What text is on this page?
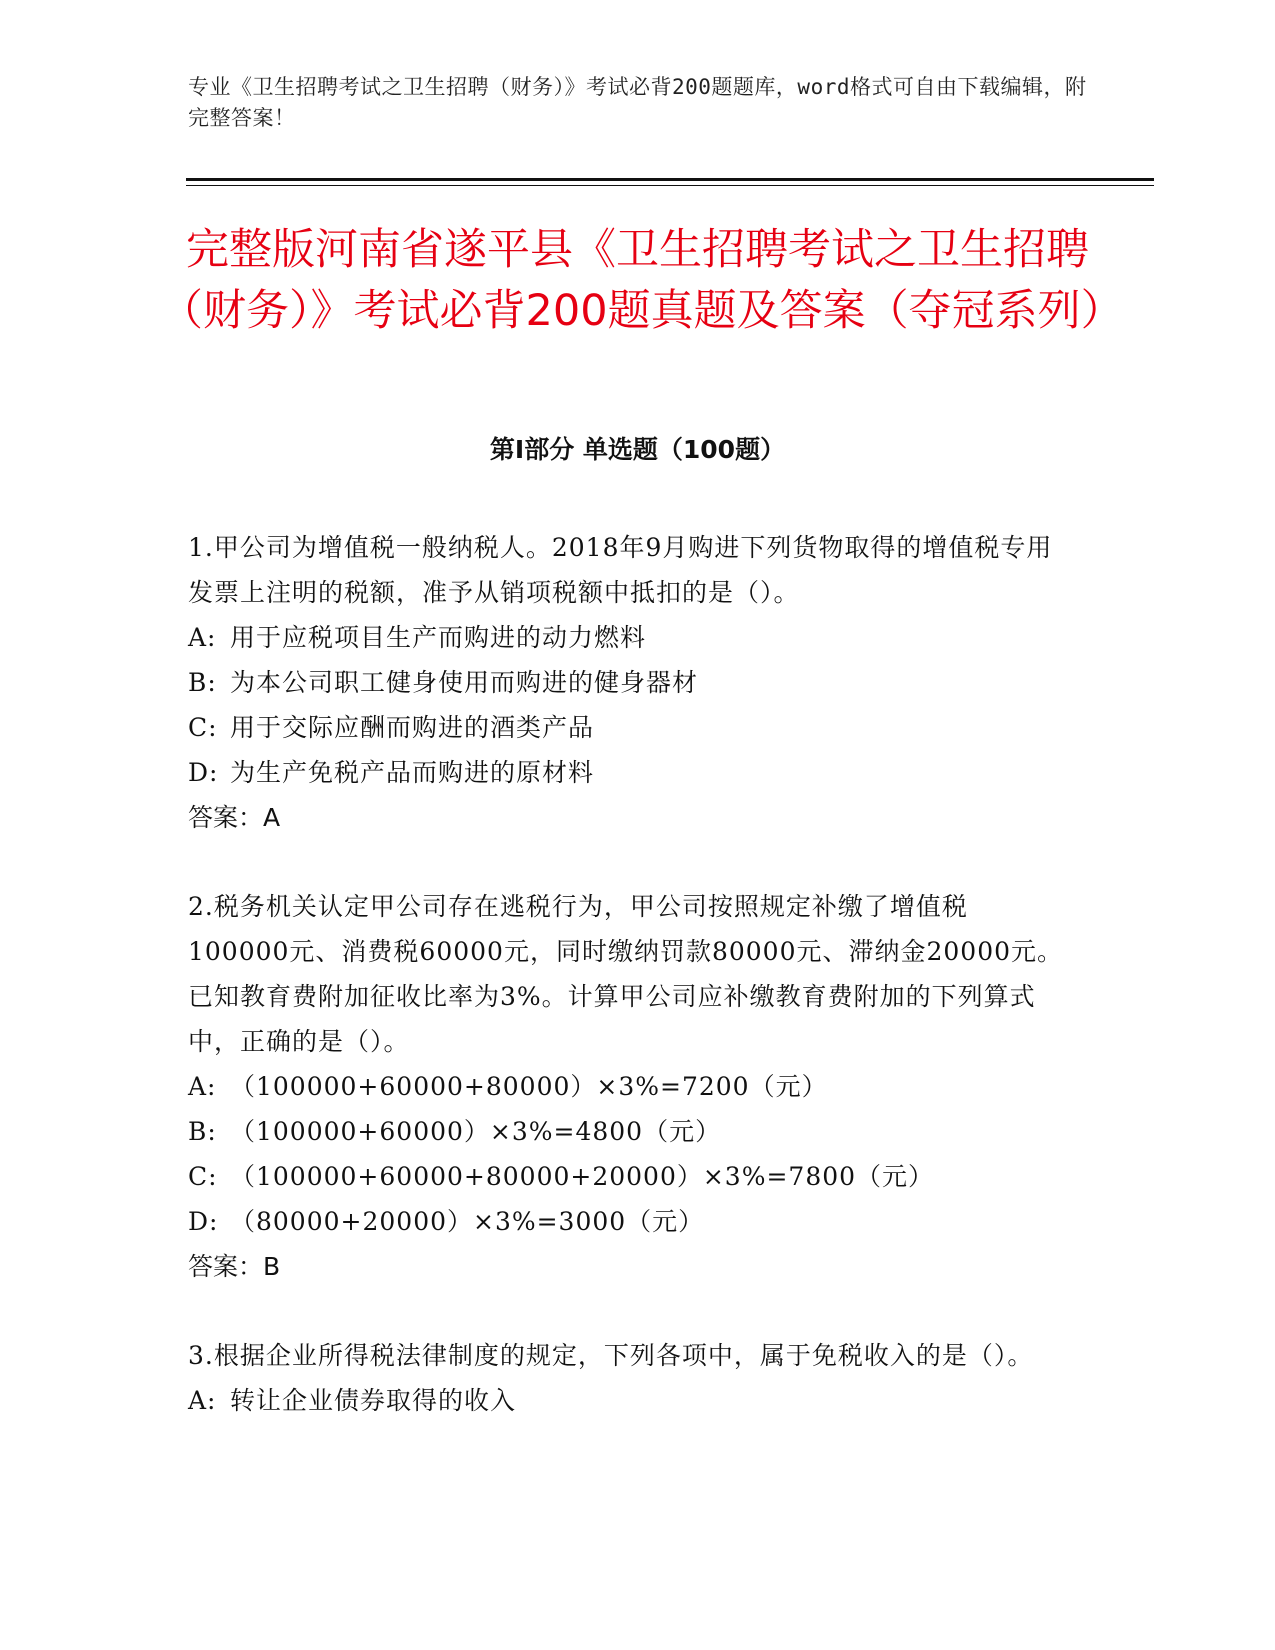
专业《卫生招聘考试之卫生招聘（财务）》考试必背200题题库，word格式可自由下载编辑，附完整答案！
完整版河南省遂平县《卫生招聘考试之卫生招聘（财务）》考试必背200题真题及答案（夺冠系列）
第Ⅰ部分 单选题（100题）
1.甲公司为增值税一般纳税人。2018年9月购进下列货物取得的增值税专用发票上注明的税额，准予从销项税额中抵扣的是（）。
A: 用于应税项目生产而购进的动力燃料
B: 为本公司职工健身使用而购进的健身器材
C: 用于交际应酬而购进的酒类产品
D: 为生产免税产品而购进的原材料
答案：A
2.税务机关认定甲公司存在逃税行为，甲公司按照规定补缴了增值税100000元、消费税60000元，同时缴纳罚款80000元、滞纳金20000元。已知教育费附加征收比率为3%。计算甲公司应补缴教育费附加的下列算式中，正确的是（）。
A: （100000+60000+80000）×3%=7200（元）
B: （100000+60000）×3%=4800（元）
C: （100000+60000+80000+20000）×3%=7800（元）
D: （80000+20000）×3%=3000（元）
答案：B
3.根据企业所得税法律制度的规定，下列各项中，属于免税收入的是（）。
A: 转让企业债券取得的收入
